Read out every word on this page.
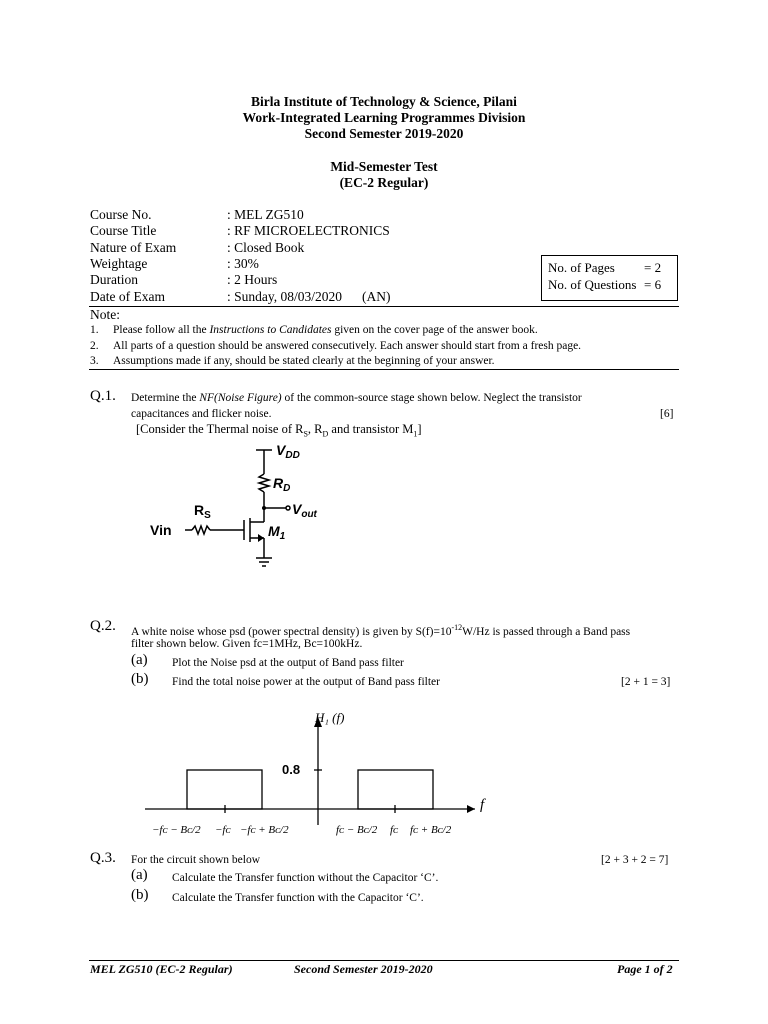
Birla Institute of Technology & Science, Pilani
Work-Integrated Learning Programmes Division
Second Semester 2019-2020
Mid-Semester Test
(EC-2 Regular)
Course No.	: MEL ZG510
Course Title	: RF MICROELECTRONICS
Nature of Exam	: Closed Book
Weightage	: 30%
Duration	: 2 Hours
Date of Exam	: Sunday, 08/03/2020 (AN)
No. of Pages = 2
No. of Questions = 6
Note:
1. Please follow all the Instructions to Candidates given on the cover page of the answer book.
2. All parts of a question should be answered consecutively. Each answer should start from a fresh page.
3. Assumptions made if any, should be stated clearly at the beginning of your answer.
Q.1. Determine the NF(Noise Figure) of the common-source stage shown below. Neglect the transistor
capacitances and flicker noise.	[6]
[Consider the Thermal noise of $R_S$, $R_D$ and transistor $M_1$]
$V_{DD}$
$R_D$
$R_S$	$V_{out}$
Vin	$M_1$
Q.2. A white noise whose psd (power spectral density) is given by $S(f)=10^{-12}W/Hz$ is passed through a Band pass
filter shown below. Given fc=1MHz, Bc=100kHz.
(a) Plot the Noise psd at the output of Band pass filter
(b) Find the total noise power at the output of Band pass filter	[2 + 1 = 3]
H₁ (f)
0.8
f
−fᴄ − Bᴄ/2 −fᴄ −fᴄ + Bᴄ/2	fᴄ − Bᴄ/2 fᴄ fᴄ + Bᴄ/2
Q.3. For the circuit shown below	[2 + 3 + 2 = 7]
(a) Calculate the Transfer function without the Capacitor ‘C’.
(b) Calculate the Transfer function with the Capacitor ‘C’.
MEL ZG510 (EC-2 Regular)	Second Semester 2019-2020	Page 1 of 2
